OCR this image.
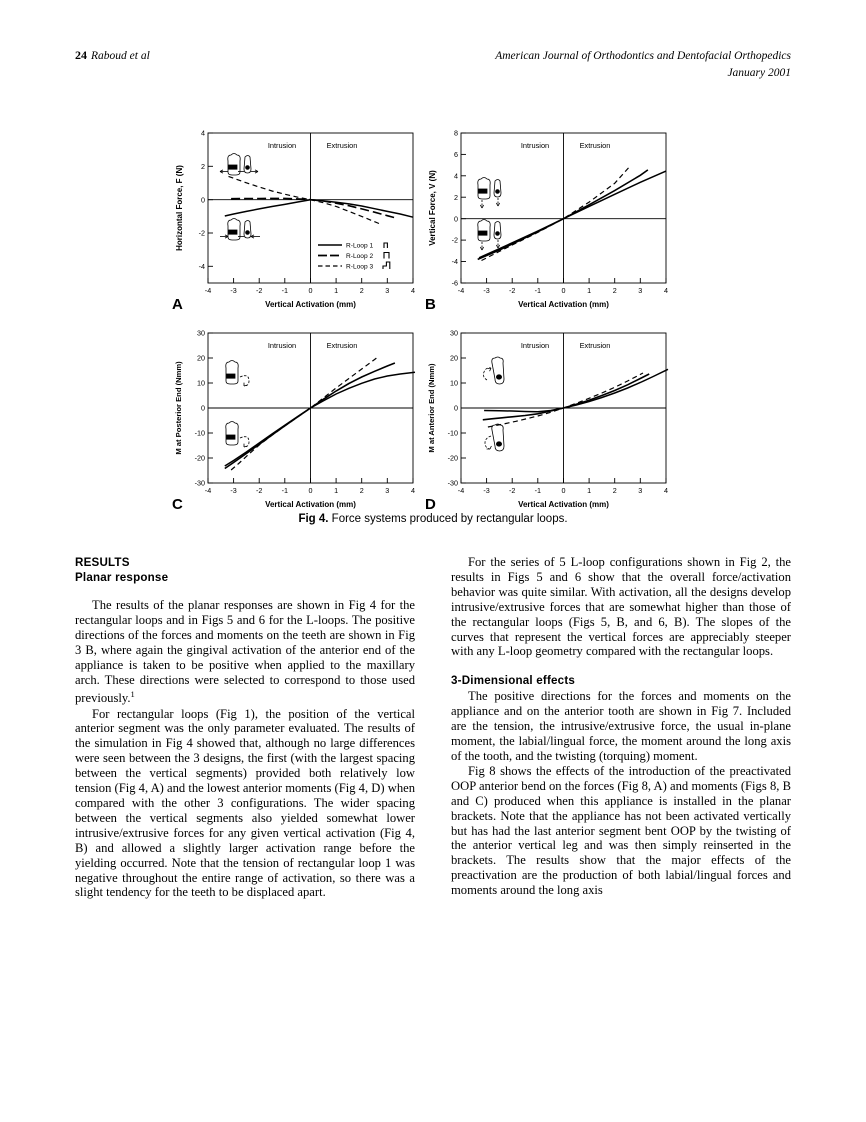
24 Raboud et al	American Journal of Orthodontics and Dentofacial Orthopedics
January 2001
A
4
2
0
-2
-4
-4	-3	-2	-1	0	1	2	3	4
Vertical Activation (mm)
Horizontal Force, F (N)
Intrusion	Extrusion
R-Loop 1
R-Loop 2
R-Loop 3
B
8
6
4
2
0
-2
-4
-6
-4	-3	-2	-1	0	1	2	3	4
Vertical Activation (mm)
Vertical Force, V (N)
Intrusion	Extrusion
C
30
20
10
0
-10
-20
-30
-4	-3	-2	-1	0	1	2	3	4
Vertical Activation (mm)
M at Posterior End (Nmm)
Intrusion	Extrusion
D
30
20
10
0
-10
-20
-30
-4	-3	-2	-1	0	1	2	3	4
Vertical Activation (mm)
M at Anterior End (Nmm)
Intrusion	Extrusion
Fig 4. Force systems produced by rectangular loops.
RESULTS
Planar response

The results of the planar responses are shown in Fig 4 for the rectangular loops and in Figs 5 and 6 for the L-loops. The positive directions of the forces and moments on the teeth are shown in Fig 3 B, where again the gingival activation of the anterior end of the appliance is taken to be positive when applied to the maxillary arch. These directions were selected to correspond to those used previously.$^1$

For rectangular loops (Fig 1), the position of the vertical anterior segment was the only parameter evaluated. The results of the simulation in Fig 4 showed that, although no large differences were seen between the 3 designs, the first (with the largest spacing between the vertical segments) provided both relatively low tension (Fig 4, A) and the lowest anterior moments (Fig 4, D) when compared with the other 3 configurations. The wider spacing between the vertical segments also yielded somewhat lower intrusive/extrusive forces for any given vertical activation (Fig 4, B) and allowed a slightly larger activation range before the yielding occurred. Note that the tension of rectangular loop 1 was negative throughout the entire range of activation, so there was a slight tendency for the teeth to be displaced apart.

For the series of 5 L-loop configurations shown in Fig 2, the results in Figs 5 and 6 show that the overall force/activation behavior was quite similar. With activation, all the designs develop intrusive/extrusive forces that are somewhat higher than those of the rectangular loops (Figs 5, B, and 6, B). The slopes of the curves that represent the vertical forces are appreciably steeper with any L-loop geometry compared with the rectangular loops.

3-Dimensional effects

The positive directions for the forces and moments on the appliance and on the anterior tooth are shown in Fig 7. Included are the tension, the intrusive/extrusive force, the usual in-plane moment, the labial/lingual force, the moment around the long axis of the tooth, and the twisting (torquing) moment.

Fig 8 shows the effects of the introduction of the preactivated OOP anterior bend on the forces (Fig 8, A) and moments (Figs 8, B and C) produced when this appliance is installed in the planar brackets. Note that the appliance has not been activated vertically but has had the last anterior segment bent OOP by the twisting of the anterior vertical leg and was then simply reinserted in the brackets. The results show that the major effects of the preactivation are the production of both labial/lingual forces and moments around the long axis
